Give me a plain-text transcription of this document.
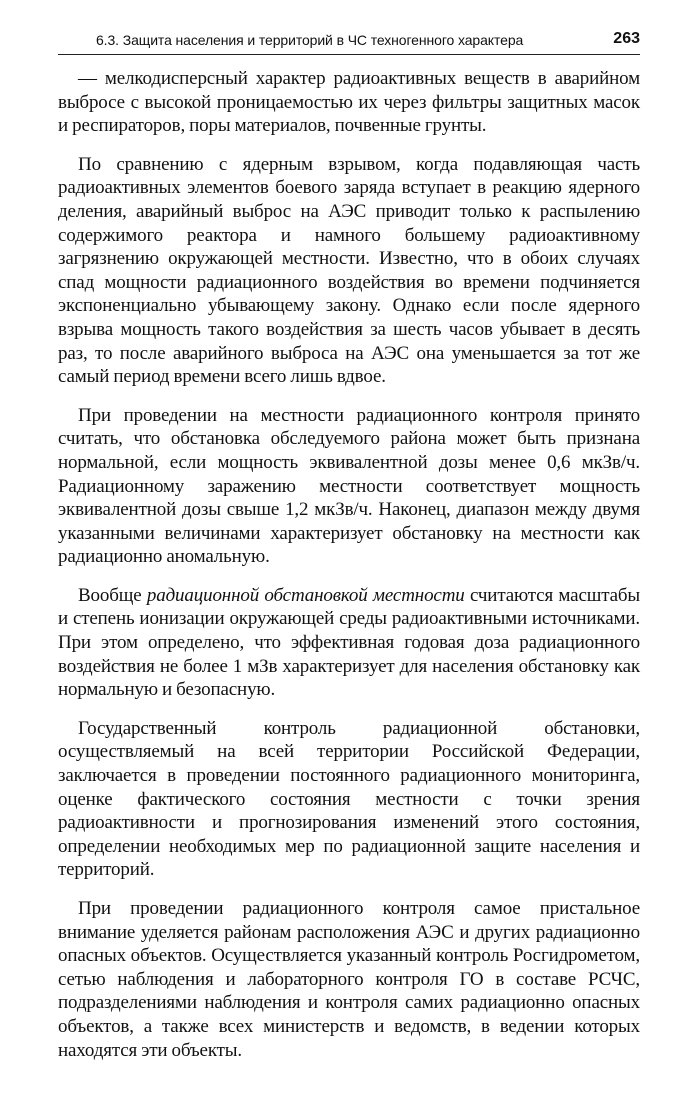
6.3. Защита населения и территорий в ЧС техногенного характера	263

— мелкодисперсный характер радиоактивных веществ в аварийном выбросе с высокой проницаемостью их через фильтры защитных масок и респираторов, поры материалов, почвенные грунты.

По сравнению с ядерным взрывом, когда подавляющая часть радиоактивных элементов боевого заряда вступает в реакцию ядерного деления, аварийный выброс на АЭС приводит только к распылению содержимого реактора и намного большему радиоактивному загрязнению окружающей местности. Известно, что в обоих случаях спад мощности радиационного воздействия во времени подчиняется экспоненциально убывающему закону. Однако если после ядерного взрыва мощность такого воздействия за шесть часов убывает в десять раз, то после аварийного выброса на АЭС она уменьшается за тот же самый период времени всего лишь вдвое.

При проведении на местности радиационного контроля принято считать, что обстановка обследуемого района может быть признана нормальной, если мощность эквивалентной дозы менее 0,6 мкЗв/ч. Радиационному заражению местности соответствует мощность эквивалентной дозы свыше 1,2 мкЗв/ч. Наконец, диапазон между двумя указанными величинами характеризует обстановку на местности как радиационно аномальную.

Вообще радиационной обстановкой местности считаются масштабы и степень ионизации окружающей среды радиоактивными источниками. При этом определено, что эффективная годовая доза радиационного воздействия не более 1 мЗв характеризует для населения обстановку как нормальную и безопасную.

Государственный контроль радиационной обстановки, осуществляемый на всей территории Российской Федерации, заключается в проведении постоянного радиационного мониторинга, оценке фактического состояния местности с точки зрения радиоактивности и прогнозирования изменений этого состояния, определении необходимых мер по радиационной защите населения и территорий.

При проведении радиационного контроля самое пристальное внимание уделяется районам расположения АЭС и других радиационно опасных объектов. Осуществляется указанный контроль Росгидрометом, сетью наблюдения и лабораторного контроля ГО в составе РСЧС, подразделениями наблюдения и контроля самих радиационно опасных объектов, а также всех министерств и ведомств, в ведении которых находятся эти объекты.
